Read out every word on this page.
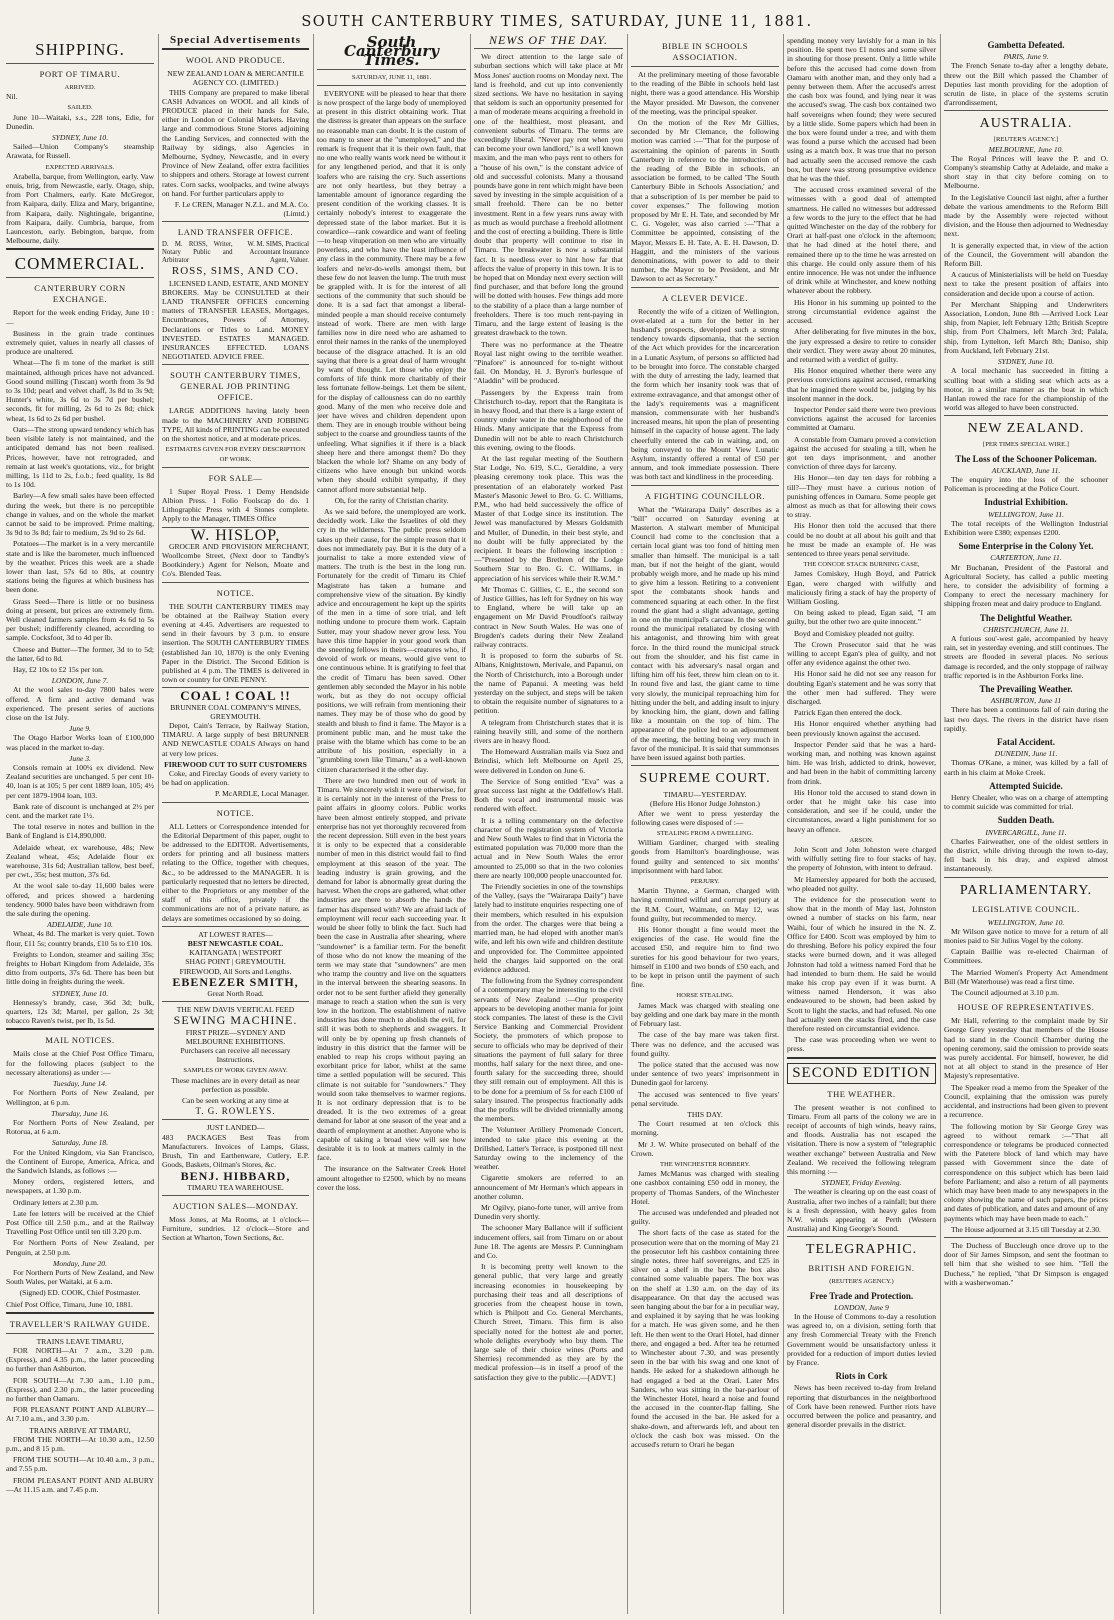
SOUTH CANTERBURY TIMES, SATURDAY, JUNE 11, 1881.
SHIPPING.
PORT OF TIMARU.
ARRIVED.

Nil.

SAILED.

June 10—Waitaki, s.s., 228 tons, Edie, for Dunedin.

SYDNEY, June 10.

Sailed—Union Company's steamship Arawata, for Russell.

EXPECTED ARRIVALS.

Arabella, barque, from Wellington, early. Vaw enuis, brig, from Newcastle, early. Otago, ship, from Port Chalmers, early. Kate McGregor, from Kaipara, daily. Eliza and Mary, brigantine, from Kaipara, daily. Nightingale, brigantine, from Kaipara, daily. Cumbria, barque, from Launceston, early. Bebington, barque, from Melbourne, daily.

COMMERCIAL.
CANTERBURY CORN EXCHANGE.

Report for the week ending Friday, June 10 :—

Business in the grain trade continues extremely quiet, values in nearly all classes of produce are unaltered.

Wheat—The fi m tone of the market is still maintained, although prices have not advanced. Good sound milling (Tuscan) worth from 3s 9d to 3s 10d; pearl and velvet chaff, 3s 8d to 3s 9d; Hunter's white, 3s 6d to 3s 7d per bushel; seconds, fit for milling, 2s 6d to 2s 8d; chick wheat, 1s 6d to 2s 6d per bushel.

Oats—The strong upward tendency which has been visible lately is not maintained, and the anticipated demand has not been realised. Prices, however, have not retrograded, and remain at last week's quotations, viz., for bright milling, 1s 11d to 2s, f.o.b.; feed quality, 1s 8d to 1s 10d.

Barley—A few small sales have been effected during the week, but there is no perceptible change in values, and on the whole the market cannot be said to be improved. Prime malting, 3s 9d to 3s 8d; fair to medium, 2s 9d to 2s 6d.

Potatoes—The market is in a very mercantile state and is like the barometer, much influenced by the weather. Prices this week are a shade lower than last, 57s 6d to 80s, at country stations being the figures at which business has been done.

Grass Seed—There is little or no business doing at present, but prices are extremely firm. Well cleaned farmers samples from 4s 6d to 5s per bushel; indifferently cleaned, according to sample. Cocksfoot, 3d to 4d per lb.

Cheese and Butter—The former, 3d to to 5d; the latter, 6d to 8d.

Hay, £2 10s to £2 15s per ton.

LONDON, June 7.

At the wool sales to-day 7800 bales were offered. A firm and active demand was experienced. The present series of auctions close on the 1st July.

June 9.

The Otago Harbor Works loan of £100,000 was placed in the market to-day.

June 3.

Consols remain at 100¼ ex dividend. New Zealand securities are unchanged. 5 per cent 10-40, loan is at 105; 5 per cent 1889 loan, 105; 4½ per cent 1879-1904 loan, 103.

Bank rate of discount is unchanged at 2½ per cent. and the market rate 1½.

The total reserve in notes and bullion in the Bank of England is £14,890,000.

Adelaide wheat, ex warehouse, 48s; New Zealand wheat, 45s; Adelaide flour ex warehouse, 31s 6d; Australian tallow, best beef, per cwt., 35s; best mutton, 37s 6d.

At the wool sale to-day 11,600 bales were offered, and prices showed a hardening tendency. 9000 bales have been withdrawn from the sale during the opening.

ADELAIDE, June 10.

Wheat, 4s 8d. The market is very quiet. Town flour, £11 5s; country brands, £10 5s to £10 10s.

Freights to London, steamer and sailing 35s; freights to Hobart Kingdom from Adelaide, 35s ditto from outports, 37s 6d. There has been but little doing in freights during the week.

SYDNEY, June 10.

Hennessy's brandy, case, 36d 3d; bulk, quarters, 12s 3d; Martel, per gallon, 2s 3d; tobacco Raven's twist, per lb, 1s 5d.

MAIL NOTICES.

Mails close at the Chief Post Office Timaru, for the following places (subject to the necessary alterations) as under :—

Tuesday, June 14.

For Northern Ports of New Zealand, per Wellington, at 6 p.m.

Thursday, June 16.

For Northern Ports of New Zealand, per Rotorua, at 6 a.m.

Saturday, June 18.

For the United Kingdom, via San Francisco, the Continent of Europe, America, Africa, and the Sandwich Islands, as follows :—

Money orders, registered letters, and newspapers, at 1.30 p.m.

Ordinary letters at 2.30 p.m.

Late fee letters will be received at the Chief Post Office till 2.50 p.m., and at the Railway Travelling Post Office until ten till 3.20 p.m.

For Northern Ports of New Zealand, per Penguin, at 2.50 p.m.

Monday, June 20.

For Northern Ports of New Zealand, and New South Wales, per Waitaki, at 6 a.m.

(Signed) ED. COOK, Chief Postmaster.

Chief Post Office, Timaru, June 10, 1881.

TRAVELLER'S RAILWAY GUIDE.
TRAINS LEAVE TIMARU,

FOR NORTH—At 7 a.m., 3.20 p.m. (Express), and 4.35 p.m., the latter proceeding no further than Ashburton.

FOR SOUTH—At 7.30 a.m., 1.10 p.m., (Express), and 2.30 p.m., the latter proceeding no further than Oamaru.

FOR PLEASANT POINT AND ALBURY—At 7.10 a.m., and 3.30 p.m.

TRAINS ARRIVE AT TIMARU,

FROM THE NORTH—At 10.30 a.m., 12.50 p.m., and 8 15 p.m.

FROM THE SOUTH—At 10.40 a.m., 3 p.m., and 7.55 p.m.

FROM PLEASANT POINT AND ALBURY—At 11.15 a.m. and 7.45 p.m.

Special Advertisements
WOOL AND PRODUCE.
NEW ZEALAND LOAN & MERCANTILE AGENCY CO. (LIMITED.)

THIS Company are prepared to make liberal CASH Advances on WOOL and all kinds of PRODUCE placed in their hands for Sale, either in London or Colonial Markets. Having large and commodious Stone Stores adjoining the Landing Services, and connected with the Railway by sidings, also Agencies in Melbourne, Sydney, Newcastle, and in every Province of New Zealand, offer extra facilities to shippers and others. Storage at lowest current rates. Corn sacks, woolpacks, and twine always on hand. For further particulars apply to

F. Le CREN, Manager N.Z.L. and M.A. Co. (Limtd.)

LAND TRANSFER OFFICE.
D. M. ROSS, Writer, Notary Public and Arbitrator
W. M. SIMS, Practical Accountant Insurance Agent, Valuer.
ROSS, SIMS, AND CO.

LICENSED LAND, ESTATE, AND MONEY BROKERS. May be CONSULTED at their LAND TRANSFER OFFICES concerning matters of TRANSFER LEASES, Mortgages, Encumbrances, Powers of Attorney, Declarations or Titles to Land. MONEY INVESTED. ESTATES MANAGED. INSURANCES EFFECTED. LOANS NEGOTIATED. ADVICE FREE.

SOUTH CANTERBURY TIMES, GENERAL JOB PRINTING OFFICE.

LARGE ADDITIONS having lately been made to the MACHINERY AND JOBBING TYPE, All kinds of PRINTING can be executed on the shortest notice, and at moderate prices.

ESTIMATES GIVEN FOR EVERY DESCRIPTION OF WORK.
FOR SALE—

1 Super Royal Press. 1 Demy Hendside Albion Press. 1 Folio Foolscap do do. 1 Lithographic Press with 4 Stones complete. Apply to the Manager, TIMES Office

W. HISLOP,

GROCER AND PROVISION MERCHANT, Woollcombe Street, (Next door to Tandby's Bootkindery.) Agent for Nelson, Moate and Co's. Blended Teas.

NOTICE.

THE SOUTH CANTERBURY TIMES may be obtained at the Railway Station every evening at 4.45. Advertisers are requested to send in their favours by 3 p.m. to ensure insertion. The SOUTH CANTERBURY TIMES (established Jan 10, 1870) is the only Evening Paper in the District. The Second Edition is published at 4 p.m. The TIMES is delivered in town or country for ONE PENNY.

COAL ! COAL !!
BRUNNER COAL COMPANY'S MINES, GREYMOUTH.

Depot, Cain's Terrace, by Railway Station, TIMARU. A large supply of best BRUNNER AND NEWCASTLE COALS Always on hand at very low prices.

FIREWOOD CUT TO SUIT CUSTOMERS

Coke, and Fireclay Goods of every variety to be had on application.

P. McARDLE, Local Manager.

NOTICE.

ALL Letters or Correspondence intended for the Editorial Department of this paper, ought to be addressed to the EDITOR. Advertisements, orders for printing and all business matters relating to the Office, together with cheques, &c., to be addressed to the MANAGER. It is particularly requested that no letters be directed, either to the Proprietors or any member of the staff of this office, privately if the communications are not of a private nature, as delays are sometimes occasioned by so doing.

AT LOWEST RATES—
BEST NEWCASTLE COAL.
KAITANGATA | WESTPORT
SHAG POINT | GREYMOUTH.
FIREWOOD, All Sorts and Lengths.
EBENEZER SMITH,
Great North Road.
THE NEW DAVIS VERTICAL FEED
SEWING MACHINE.
FIRST PRIZE—SYDNEY AND MELBOURNE EXHIBITIONS.

Purchasers can receive all necessary Instructions.

SAMPLES OF WORK GIVEN AWAY.

These machines are in every detail as near perfection as possible.

Can be seen working at any time at

T. G. ROWLEYS.
JUST LANDED—

483 PACKAGES Best Teas from Manufacturers. Invoices of Lamps, Glass, Brush, Tin and Earthenware, Cutlery, E.P. Goods, Baskets, Oilman's Stores, &c.

BENJ. HIBBARD,
TIMARU TEA WAREHOUSE.
AUCTION SALES—MONDAY.

Moss Jones, at Ma Rooms, at 1 o'clock—Furniture, sundries. 12 o'clock—Store and Section at Wharton, Town Sections, &c.

South Canterbury Times.
SATURDAY, JUNE 11, 1881.

EVERYONE will be pleased to hear that there is now prospect of the large body of unemployed at present in this district obtaining work. That the distress is greater than appears on the surface no reasonable man can doubt. It is the custom of too many to sneer at the "unemployed," and the remark is frequent that it is their own fault, that no one who really wants work need be without it for any lengthened period, and that it is only loafers who are raising the cry. Such assertions are not only heartless, but they betray a lamentable amount of ignorance regarding the present condition of the working classes. It is certainly nobody's interest to exaggerate the depressed state of the labor market. But it is cowardice—rank cowardice and want of feeling—to heap vituperation on men who are virtually powerless, and who have the least influence of any class in the community. There may be a few loafers and ne'er-do-wells amongst them, but these few do not leaven the lump. The truth must be grappled with. It is for the interest of all sections of the community that such should be done. It is a sad fact that amongst a liberal-minded people a man should receive contumely instead of work. There are men with large families now in dire need who are ashamed to enrol their names in the ranks of the unemployed because of the disgrace attached. It is an old saying that there is a great deal of harm wrought by want of thought. Let those who enjoy the comforts of life think more charitably of their less fortunate fellow-beings. Let them be silent, for the display of callousness can do no earthly good. Many of the men who receive dole and jeer have wives and children dependent upon them. They are in enough trouble without being subject to the coarse and groundless taunts of the unfeeling. What signifies it if there is a black sheep here and there amongst them? Do they blacken the whole lot? Shame on any body of citizens who have enough but unkind words when they should exhibit sympathy, if they cannot afford more substantial help.

Oh, for the rarity of Christian charity.

As we said before, the unemployed are work, decidedly work. Like the Israelites of old they cry in the wilderness. The public press seldom takes up their cause, for the simple reason that it does not immediately pay. But it is the duty of a journalist to take a more extended view of matters. The truth is the best in the long run. Fortunately for the credit of Timaru its Chief Magistrate has taken a humane and comprehensive view of the situation. By kindly advice and encouragement he kept up the spirits of the men in a time of sore trial, and left nothing undone to procure them work. Captain Sutter, may your shadow never grow less. You have this time happier in your good work than the sneering fellows in theirs—creatures who, if devoid of work or means, would give vent to one continuous whine. It is gratifying to feel that the credit of Timaru has been saved. Other gentlemen ably seconded the Mayor in his noble work, but as they do not occupy official positions, we will refrain from mentioning their names. They may be of those who do good by stealth and blush to find it fame. The Mayor is a prominent public man, and he must take the praise with the blame which has come to be an attribute of his position, especially in a "grumbling town like Timaru," as a well-known citizen characterised it the other day.

There are two hundred men out of work in Timaru. We sincerely wish it were otherwise, for it is certainly not in the interest of the Press to paint affairs in gloomy colors. Public works have been almost entirely stopped, and private enterprise has not yet thoroughly recovered from the recent depression. Still even in the best years it is only to be expected that a considerable number of men in this district would fail to find employment at this season of the year. The leading industry is grain growing, and the demand for labor is abnormally great during the harvest. When the crops are gathered, what other industries are there to absorb the hands the farmer has dispensed with? We are afraid lack of employment will recur each succeeding year. It would be sheer folly to blink the fact. Such had been the case in Australia after shearing, where "sundowner" is a familiar term. For the benefit of those who do not know the meaning of the term we may state that "sundowners" are men who tramp the country and live on the squatters in the interval between the shearing seasons. In order not to be sent further afield they generally manage to reach a station when the sun is very low in the horizon. The establishment of native industries has done much to abolish the evil, for still it was both to shepherds and swaggers. It will only be by opening up fresh channels of industry in this district that the farmer will be enabled to reap his crops without paying an exorbitant price for labor, whilst at the same time a settled population will be secured. This climate is not suitable for "sundowners." They would soon take themselves to warmer regions. It is not ordinary depression that is to be dreaded. It is the two extremes of a great demand for labor at one season of the year and a dearth of employment at another. Anyone who is capable of taking a broad view will see how desirable it is to look at matters calmly in the face.

The insurance on the Saltwater Creek Hotel amount altogether to £2500, which by no means cover the loss.

NEWS OF THE DAY.

We direct attention to the large sale of suburban sections which will take place at Mr Moss Jones' auction rooms on Monday next. The land is freehold, and cut up into conveniently sized sections. We have no hesitation in saying that seldom is such an opportunity presented for a man of moderate means acquiring a freehold in one of the healthiest, most pleasant, and convenient suburbs of Timaru. The terms are exceedingly liberal. "Never pay rent when you can become your own landlord," is a well known maxim, and the man who pays rent to others for a "house of his own," is the constant advice of old and successful colonists. Many a thousand pounds have gone in rent which might have been saved by investing in the simple acquisition of a small freehold. There can be no better investment. Rent in a few years runs away with as much as would purchase a freehold allotment and the cost of erecting a building. There is little doubt that property will continue to rise in Timaru. The breakwater is now a substantial fact. It is needless ever to hint how far that affects the value of property in this town. It is to be hoped that on Monday next every section will find purchaser, and that before long the ground will be dotted with houses. Few things add more to the stability of a place than a large number of freeholders. There is too much rent-paying in Timaru, and the large extent of leasing is the greatest drawback to the town.

There was no performance at the Theatre Royal last night owing to the terrible weather. "Pinafore" is announced for to-night without fail. On Monday, H. J. Byron's burlesque of "Aladdin" will be produced.

Passengers by the Express train from Christchurch to-day, report that the Rangitata is in heavy flood, and that there is a large extent of country under water in the neighborhood of the Hinds. Many anticipate that the Express from Dunedin will not be able to reach Christchurch this evening, owing to the floods.

At the last regular meeting of the Southern Star Lodge, No. 619, S.C., Geraldine, a very pleasing ceremony took place. This was the presentation of an elaborately worked Past Master's Masonic Jewel to Bro. G. C. Williams, P.M., who had held successively the office of Master of that Lodge since its institution. The Jewel was manufactured by Messrs Goldsmith and Muller, of Dunedin, in their best style, and no doubt will be fully appreciated by the recipient. It bears the following inscription :—"Presented by the Brethren of the Lodge Southern Star to Bro. G. C. Williams, in appreciation of his services while their R.W.M."

Mr Thomas C. Gillies, C. E., the second son of Justice Gillies, has left for Sydney on his way to England, where he will take up an engagement on Mr David Proudfoot's railway contract in New South Wales. He was one of Brogden's cadets during their New Zealand railway contracts.

It is proposed to form the suburbs of St. Albans, Knightstown, Merivale, and Papanui, on the North of Christchurch, into a Borough under the name of Papanui. A meeting was held yesterday on the subject, and steps will be taken to obtain the requisite number of signatures to a petition.

A telegram from Christchurch states that it is raining heavily still, and some of the northern rivers are in heavy flood.

The Homeward Australian mails via Suez and Brindisi, which left Melbourne on April 25, were delivered in London on June 6.

The Service of Song entitled "Eva" was a great success last night at the Oddfellow's Hall. Both the vocal and instrumental music was rendered with effect.

It is a telling commentary on the defective character of the registration system of Victoria and New South Wales to find that in Victoria the estimated population was 70,000 more than the actual and in New South Wales the error amounted to 25,000 so that in the two colonies there are nearly 100,000 people unaccounted for.

The Friendly societies in one of the townships of the Valley, (says the "Wairarapa Daily") have lately had to institute enquiries respecting one of their members, which resulted in his expulsion from the order. The charges were that being a married man, he had eloped with another man's wife, and left his own wife and children destitute and unprovided for. The Committee appointed held the charges laid supported on the oral evidence adduced.

The following from the Sydney correspondent of a contemporary may be interesting to the civil servants of New Zealand :—Our prosperity appears to be developing another mania for joint stock companies. The latest of these is the Civil Service Banking and Commercial Provident Society, the promoters of which propose to secure to officials who may be deprived of their situations the payment of full salary for three months, half salary for the next three, and one-fourth salary for the succeeding three, should they still remain out of employment. All this is to be done for a premium of 5s for each £100 of salary insured. The prospectus fractionally adds that the profits will be divided triennially among the members.

The Volunteer Artillery Promenade Concert, intended to take place this evening at the Drillshed, Latter's Terrace, is postponed till next Saturday owing to the inclemency of the weather.

Cigarette smokers are referred to an announcement of Mr Herman's which appears in another column.

Mr Ogilvy, piano-forte tuner, will arrive from Dunedin very shortly.

The schooner Mary Ballance will if sufficient inducement offers, sail from Timaru on or about June 18. The agents are Messrs P. Cunningham and Co.

It is becoming pretty well known to the general public, that very large and greatly increasing economies in housekeeping by purchasing their teas and all descriptions of groceries from the cheapest house in town, which is Philpott and Co. General Merchants, Church Street, Timaru. This firm is also specially noted for the hottest ale and porter, whole delights everybody who buy them. The large sale of their choice wines (Ports and Sherries) recommended as they are by the medical profession—is in itself a proof of the satisfaction they give to the public.—[ADVT.]

BIBLE IN SCHOOLS ASSOCIATION.

At the preliminary meeting of those favorable to the reading of the Bible in schools held last night, there was a good attendance. His Worship the Mayor presided. Mr Dawson, the convener of the meeting, was the principal speaker.

On the motion of the Rev Mr Gillies, seconded by Mr Clemance, the following motion was carried :—"That for the purpose of ascertaining the opinion of parents in South Canterbury in reference to the introduction of the reading of the Bible in schools, an association be formed, to be called 'The South Canterbury Bible in Schools Association,' and that a subscription of 1s per member be paid to cover expenses." The following motion proposed by Mr E. H. Tate, and seconded by Mr C. G. Vogeler, was also carried :—"That a Committee be appointed, consisting of the Mayor, Messrs E. H. Tate, A. E. H. Dawson, D. Haggitt, and the ministers of the various denominations, with power to add to their number, the Mayor to be President, and Mr Dawson to act as Secretary."

A CLEVER DEVICE.

Recently the wife of a citizen of Wellington, over-elated at a turn for the better in her husband's prospects, developed such a strong tendency towards dipsomania, that the section of the Act which provides for the incarceration in a Lunatic Asylum, of persons so afflicted had to be brought into force. The constable charged with the duty of arresting the lady, learned that the form which her insanity took was that of extreme extravagance, and that amongst other of the lady's requirements was a magnificent mansion, commensurate with her husband's increased means, hit upon the plan of presenting himself in the capacity of house agent. The lady cheerfully entered the cab in waiting, and, on being conveyed to the Mount View Lunatic Asylum, instantly offered a rental of £50 per annum, and took immediate possession. There was both tact and kindliness in the proceeding.

A FIGHTING COUNCILLOR.

What the "Wairarapa Daily" describes as a "bill" occurred on Saturday evening at Masterton. A stalwart member of Municipal Council had come to the conclusion that a certain local giant was too fond of hitting men smaller than himself. The municipal is a tall man, but if not the height of the giant, would probably weigh more, and he made up his mind to give him a lesson. Retiring to a convenient spot the combatants shook hands and commenced squaring at each other. In the first round the giant had a slight advantage, getting in one on the municipal's carcase. In the second round the municipal retaliated by closing with his antagonist, and throwing him with great force. In the third round the municipal struck out from the shoulder, and his fist came in contact with his adversary's nasal organ and lifting him off his feet, threw him clean on to it. In round five and last, the giant came to time very slowly, the municipal reproaching him for hitting under the belt, and adding insult to injury by knocking him, the giant, down and falling like a mountain on the top of him. The appearance of the police led to an adjournment of the meeting, the betting being very much in favor of the municipal. It is said that summonses have been issued against both parties.

SUPREME COURT.
TIMARU—YESTERDAY.
(Before His Honor Judge Johnston.)

After we went to press yesterday the following cases were disposed of :—

STEALING FROM A DWELLING.

William Gardiner, charged with stealing goods from Hamilton's boardinghouse, was found guilty and sentenced to six months' imprisonment with hard labor.

PERJURY.

Martin Thynne, a German, charged with having committed wilful and corrupt perjury at the R.M. Court, Waimate, on May 12, was found guilty, but recommended to mercy.

His Honor thought a fine would meet the exigencies of the case. He would fine the accused £50, and require him to find two sureties for his good behaviour for two years, himself in £100 and two bonds of £50 each, and to be kept in prison until the payment of such fine.

HORSE STEALING.

James Mack was charged with stealing one bay gelding and one dark bay mare in the month of February last.

The case of the bay mare was taken first. There was no defence, and the accused was found guilty.

The police stated that the accused was now under sentence of two years' imprisonment in Dunedin gaol for larceny.

The accused was sentenced to five years' penal servitude.

THIS DAY.

The Court resumed at ten o'clock this morning.

Mr J. W. White prosecuted on behalf of the Crown.

THE WINCHESTER ROBBERY.

James McManus was charged with stealing one cashbox containing £50 odd in money, the property of Thomas Sanders, of the Winchester Hotel.

The accused was undefended and pleaded not guilty.

The short facts of the case as stated for the prosecution were that on the morning of May 21 the prosecutor left his cashbox containing three single notes, three half sovereigns, and £25 in silver on a shelf in the bar. The box also contained some valuable papers. The box was on the shelf at 1.30 a.m. on the day of its disappearance. On that day the accused was seen hanging about the bar for a in peculiar way, and explained it by saying that he was looking for a match. He was given some, and he then left. He then went to the Orari Hotel, had dinner there, and engaged a bed. After tea he returned to Winchester about 7.30, and was presently seen in the bar with his swag and one knot of hands. He asked for a shakedown although he had engaged a bed at the Orari. Later Mrs Sanders, who was sitting in the bar-parlour of the Winchester Hotel, heard a noise and found the accused in the counter-flap falling. She found the accused in the bar. He asked for a shake-down, and afterwards left, and about ten o'clock the cash box was missed. On the accused's return to Orari he began

spending money very lavishly for a man in his position. He spent two £1 notes and some silver in shouting for those present. Only a little while before this the accused had come down from Oamaru with another man, and they only had a penny between them. After the accused's arrest the cash box was found, and lying near it was the accused's swag. The cash box contained two half sovereigns when found; they were secured by a little slide. Some papers which had been in the box were found under a tree, and with them was found a purse which the accused had been using as a match box. It was true that no person had actually seen the accused remove the cash box, but there was strong presumptive evidence that he was the thief.

The accused cross examined several of the witnesses with a good deal of attempted smartness. He called no witnesses but addressed a few words to the jury to the effect that he had quitted Winchester on the day of the robbery for Orari at half-past one o'clock in the afternoon; that he had dined at the hotel there, and remained there up to the time he was arrested on this charge. He could only assure them of his entire innocence. He was not under the influence of drink while at Winchester, and knew nothing whatever about the robbery.

His Honor in his summing up pointed to the strong circumstantial evidence against the accused.

After deliberating for five minutes in the box, the jury expressed a desire to retire to consider their verdict. They were away about 20 minutes, and returned with a verdict of guilty.

His Honor enquired whether there were any previous convictions against accused, remarking that he imagined there would be, judging by his insolent manner in the dock.

Inspector Pender said there were two previous convictions against the accused for larcenies committed at Oamaru.

A constable from Oamaru proved a conviction against the accused for stealing a till, when he got ten days imprisonment, and another conviction of three days for larceny.

His Honor—ten day ten days for robbing a till?—They must have a curious notion of punishing offences in Oamaru. Some people get almost as much as that for allowing their cows to stray.

His Honor then told the accused that there could be no doubt at all about his guilt and that he must be made an example of. He was sentenced to three years penal servitude.

THE CONCOE STACK BURNING CASE,

James Comiskey, Hugh Boyd, and Patrick Egan, were charged with wilfully and maliciously firing a stack of hay the property of William Gosling.

On being asked to plead, Egan said, "I am guilty, but the other two are quite innocent."

Boyd and Comiskey pleaded not guilty.

The Crown Prosecutor said that he was willing to accept Egan's plea of guilty, and not offer any evidence against the other two.

His Honor said he did not see any reason for doubting Egan's statement and he was sorry that the other men had suffered. They were discharged.

Patrick Egan then entered the dock.

His Honor enquired whether anything had been previously known against the accused.

Inspector Pender said that he was a hard-working man, and nothing was known against him. He was Irish, addicted to drink, however, and had been in the habit of committing larceny from drink.

His Honor told the accused to stand down in order that he might take his case into consideration, and see if he could, under the circumstances, award a light punishment for so heavy an offence.

ARSON.

John Scott and John Johnston were charged with wilfully setting fire to four stacks of hay, the property of Johnston, with intent to defraud.

Mr Hamersley appeared for both the accused, who pleaded not guilty.

The evidence for the prosecution went to show that in the month of May last, Johnston owned a number of stacks on his farm, near Waihi, four of which he insured in the N. Z. Office for £400. Scott was employed by him to do threshing. Before his policy expired the four stacks were burned down, and it was alleged Johnston had told a witness named Ford that he had intended to burn them. He said he would make his crop pay even if it was burnt. A witness named Henderson, it was also endeavoured to be shown, had been asked by Scott to light the stacks, and had refused. No one had actually seen the stacks fired, and the case therefore rested on circumstantial evidence.

The case was proceeding when we went to press.

SECOND EDITION
THE WEATHER.

The present weather is not confined to Timaru. From all parts of the colony we are in receipt of accounts of high winds, heavy rains, and floods. Australia has not escaped the visitation. There is now a system of "telegraphic weather exchange" between Australia and New Zealand. We received the following telegram this morning :—

SYDNEY, Friday Evening.

The weather is clearing up on the east coast of Australia, after two inches of a rainfall; but there is a fresh depression, with heavy gales from N.W. winds appearing at Perth (Western Australia) and King George's Sound.

TELEGRAPHIC.
BRITISH AND FOREIGN.
(REUTER'S AGENCY.)
Free Trade and Protection.
LONDON, June 9

In the House of Commons to-day a resolution was agreed to, on a division, setting forth that any fresh Commercial Treaty with the French Government would be unsatisfactory unless it provided for a reduction of import duties levied by France.

Riots in Cork

News has been received to-day from Ireland reporting that disturbances in the neighborhood of Cork have been renewed. Further riots have occurred between the police and peasantry, and general disorder prevails in the district.

Gambetta Defeated.
PARIS, June 9.

The French Senate to-day after a lengthy debate, threw out the Bill which passed the Chamber of Deputies last month providing for the adoption of scrutin de liste, in place of the systems scrutin d'arrondissement,

AUSTRALIA.
[REUTER'S AGENCY.]
MELBOURNE, June 10.

The Royal Princes will leave the P. and O. Company's steamship Cathy at Adelaide, and make a short stay in that city before coming on to Melbourne.

In the Legislative Council last night, after a further debate the various amendments to the Reform Bill made by the Assembly were rejected without division, and the House then adjourned to Wednesday next.

It is generally expected that, in view of the action of the Council, the Government will abandon the Reform Bill.

A caucus of Ministerialists will be held on Tuesday next to take the present position of affairs into consideration and decide upon a course of action.

Per Merchant Shipping and Underwriters Association, London, June 8th —Arrived Lock Lear ship, from Napier, left February 12th; British Sceptre ship, from Port Chalmers, left March 3rd; Palala, ship, from Lyttelton, left March 8th; Daniso, ship from Auckland, left February 21st.

SYDNEY, June 10.

A local mechanic has succeeded in fitting a sculling boat with a sliding seat which acts as a motor, in a similar manner as the boat in which Hanlan rowed the race for the championship of the world was alleged to have been constructed.

NEW ZEALAND.
[PER TIMES SPECIAL WIRE.]
The Loss of the Schooner Policeman.
AUCKLAND, June 11.

The enquiry into the loss of the schooner Policeman is proceeding at the Police Court.

Industrial Exhibition.
WELLINGTON, June 11.

The total receipts of the Wellington Industrial Exhibition were £380; expenses £200.

Some Enterprise in the Colony Yet.
CARTERTON, June 11.

Mr Buchanan, President of the Pastoral and Agricultural Society, has called a public meeting here, to consider the advisibility of forming a Company to erect the necessary machinery for shipping frozen meat and dairy produce to England.

The Delightful Weather.
CHRISTCHURCH, June 11.

A furious sou'-west gale, accompanied by heavy rain, set in yesterday evening, and still continues. The streets are flooded in several places. No serious damage is recorded, and the only stoppage of railway traffic reported is in the Ashburton Forks line.

The Prevailing Weather.
ASHBURTON, June 11

There has been a continuous fall of rain during the last two days. The rivers in the district have risen rapidly.

Fatal Accident.
DUNEDIN, June 11.

Thomas O'Kane, a miner, was killed by a fall of earth in his claim at Moke Creek.

Attempted Suicide.

Henry Chealer, who was on a charge of attempting to commit suicide was committed for trial.

Sudden Death.
INVERCARGILL, June 11.

Charles Fairweather, one of the oldest settlers in the district, while driving through the town to-day, fell back in his dray, and expired almost instantaneously.

PARLIAMENTARY.
LEGISLATIVE COUNCIL.
WELLINGTON, June 10.

Mr Wilson gave notice to move for a return of all monies paid to Sir Julius Vogel by the colony.

Captain Baillie was re-elected Chairman of Committees.

The Married Women's Property Act Amendment Bill (Mr Waterhouse) was read a first time.

The Council adjourned at 3.10 p.m.

HOUSE OF REPRESENTATIVES.

Mr Hall, referring to the complaint made by Sir George Grey yesterday that members of the House had to stand in the Council Chamber during the opening ceremony, said the omission to provide seats was purely accidental. For himself, however, he did not at all object to stand in the presence of Her Majesty's representative.

The Speaker read a memo from the Speaker of the Council, explaining that the omission was purely accidental, and instructions had been given to prevent a recurrence.

The following motion by Sir George Grey was agreed to without remark :—"That all correspondence or telegrams be produced connected with the Patetere block of land which may have passed with Government since the date of correspondence on this subject which has been laid before Parliament; and also a return of all payments which may have been made to any newspapers in the colony showing the name of such papers, the prices and dates of publication, and dates and amount of any payments which may have been made to each."

The House adjourned at 3.15 till Tuesday at 2.30.

The Duchess of Buccleugh once drove up to the door of Sir James Simpson, and sent the footman to tell him that she wished to see him. "Tell the Duchess," he replied, "that Dr Simpson is engaged with a washerwoman."
